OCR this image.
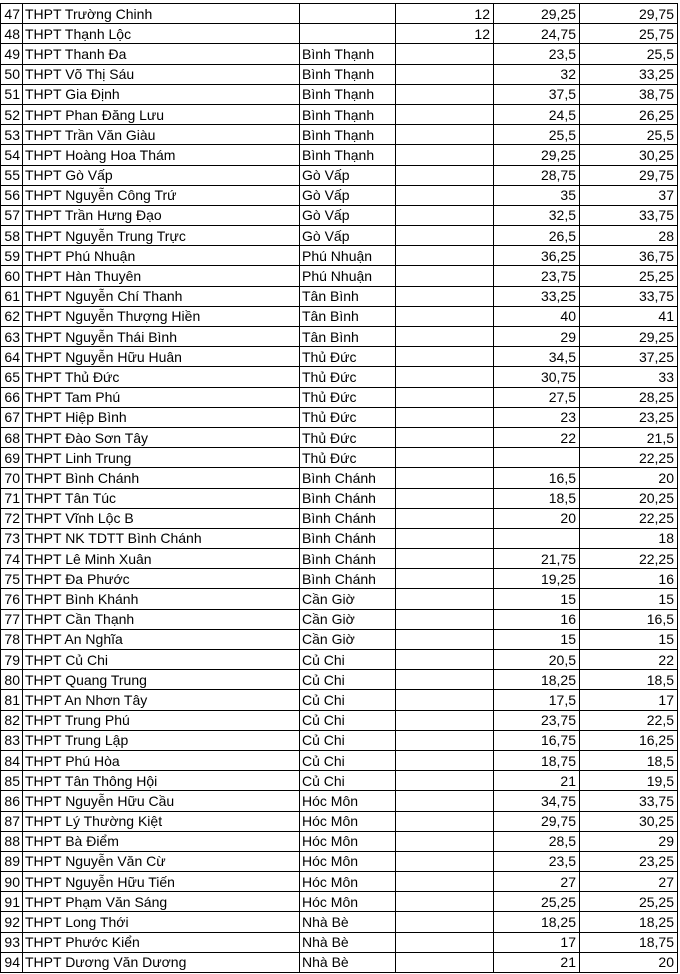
47	THPT Trường Chinh		12	29,25	29,75	
48	THPT Thạnh Lộc		12	24,75	25,75	
49	THPT Thanh Đa	Bình Thạnh		23,5	25,5	
50	THPT Võ Thị Sáu	Bình Thạnh		32	33,25	
51	THPT Gia Định	Bình Thạnh		37,5	38,75	
52	THPT Phan Đăng Lưu	Bình Thạnh		24,5	26,25	
53	THPT Trần Văn Giàu	Bình Thạnh		25,5	25,5	
54	THPT Hoàng Hoa Thám	Bình Thạnh		29,25	30,25	
55	THPT Gò Vấp	Gò Vấp		28,75	29,75	
56	THPT Nguyễn Công Trứ	Gò Vấp		35	37	
57	THPT Trần Hưng Đạo	Gò Vấp		32,5	33,75	
58	THPT Nguyễn Trung Trực	Gò Vấp		26,5	28	
59	THPT Phú Nhuận	Phú Nhuận		36,25	36,75	
60	THPT Hàn Thuyên	Phú Nhuận		23,75	25,25	
61	THPT Nguyễn Chí Thanh	Tân Bình		33,25	33,75	
62	THPT Nguyễn Thượng Hiền	Tân Bình		40	41	
63	THPT Nguyễn Thái Bình	Tân Bình		29	29,25	
64	THPT Nguyễn Hữu Huân	Thủ Đức		34,5	37,25	
65	THPT Thủ Đức	Thủ Đức		30,75	33	
66	THPT Tam Phú	Thủ Đức		27,5	28,25	
67	THPT Hiệp Bình	Thủ Đức		23	23,25	
68	THPT Đào Sơn Tây	Thủ Đức		22	21,5	
69	THPT Linh Trung	Thủ Đức			22,25	
70	THPT Bình Chánh	Bình Chánh		16,5	20	
71	THPT Tân Túc	Bình Chánh		18,5	20,25	
72	THPT Vĩnh Lộc B	Bình Chánh		20	22,25	
73	THPT NK TDTT Bình Chánh	Bình Chánh			18	
74	THPT Lê Minh Xuân	Bình Chánh		21,75	22,25	
75	THPT Đa Phước	Bình Chánh		19,25	16	
76	THPT Bình Khánh	Cần Giờ		15	15	
77	THPT Cần Thạnh	Cần Giờ		16	16,5	
78	THPT An Nghĩa	Cần Giờ		15	15	
79	THPT Củ Chi	Củ Chi		20,5	22	
80	THPT Quang Trung	Củ Chi		18,25	18,5	
81	THPT An Nhơn Tây	Củ Chi		17,5	17	
82	THPT Trung Phú	Củ Chi		23,75	22,5	
83	THPT Trung Lập	Củ Chi		16,75	16,25	
84	THPT Phú Hòa	Củ Chi		18,75	18,5	
85	THPT Tân Thông Hội	Củ Chi		21	19,5	
86	THPT Nguyễn Hữu Cầu	Hóc Môn		34,75	33,75	
87	THPT Lý Thường Kiệt	Hóc Môn		29,75	30,25	
88	THPT Bà Điểm	Hóc Môn		28,5	29	
89	THPT Nguyễn Văn Cừ	Hóc Môn		23,5	23,25	
90	THPT Nguyễn Hữu Tiến	Hóc Môn		27	27	
91	THPT Phạm Văn Sáng	Hóc Môn		25,25	25,25	
92	THPT Long Thới	Nhà Bè		18,25	18,25	
93	THPT Phước Kiển	Nhà Bè		17	18,75	
94	THPT Dương Văn Dương	Nhà Bè		21	20	
